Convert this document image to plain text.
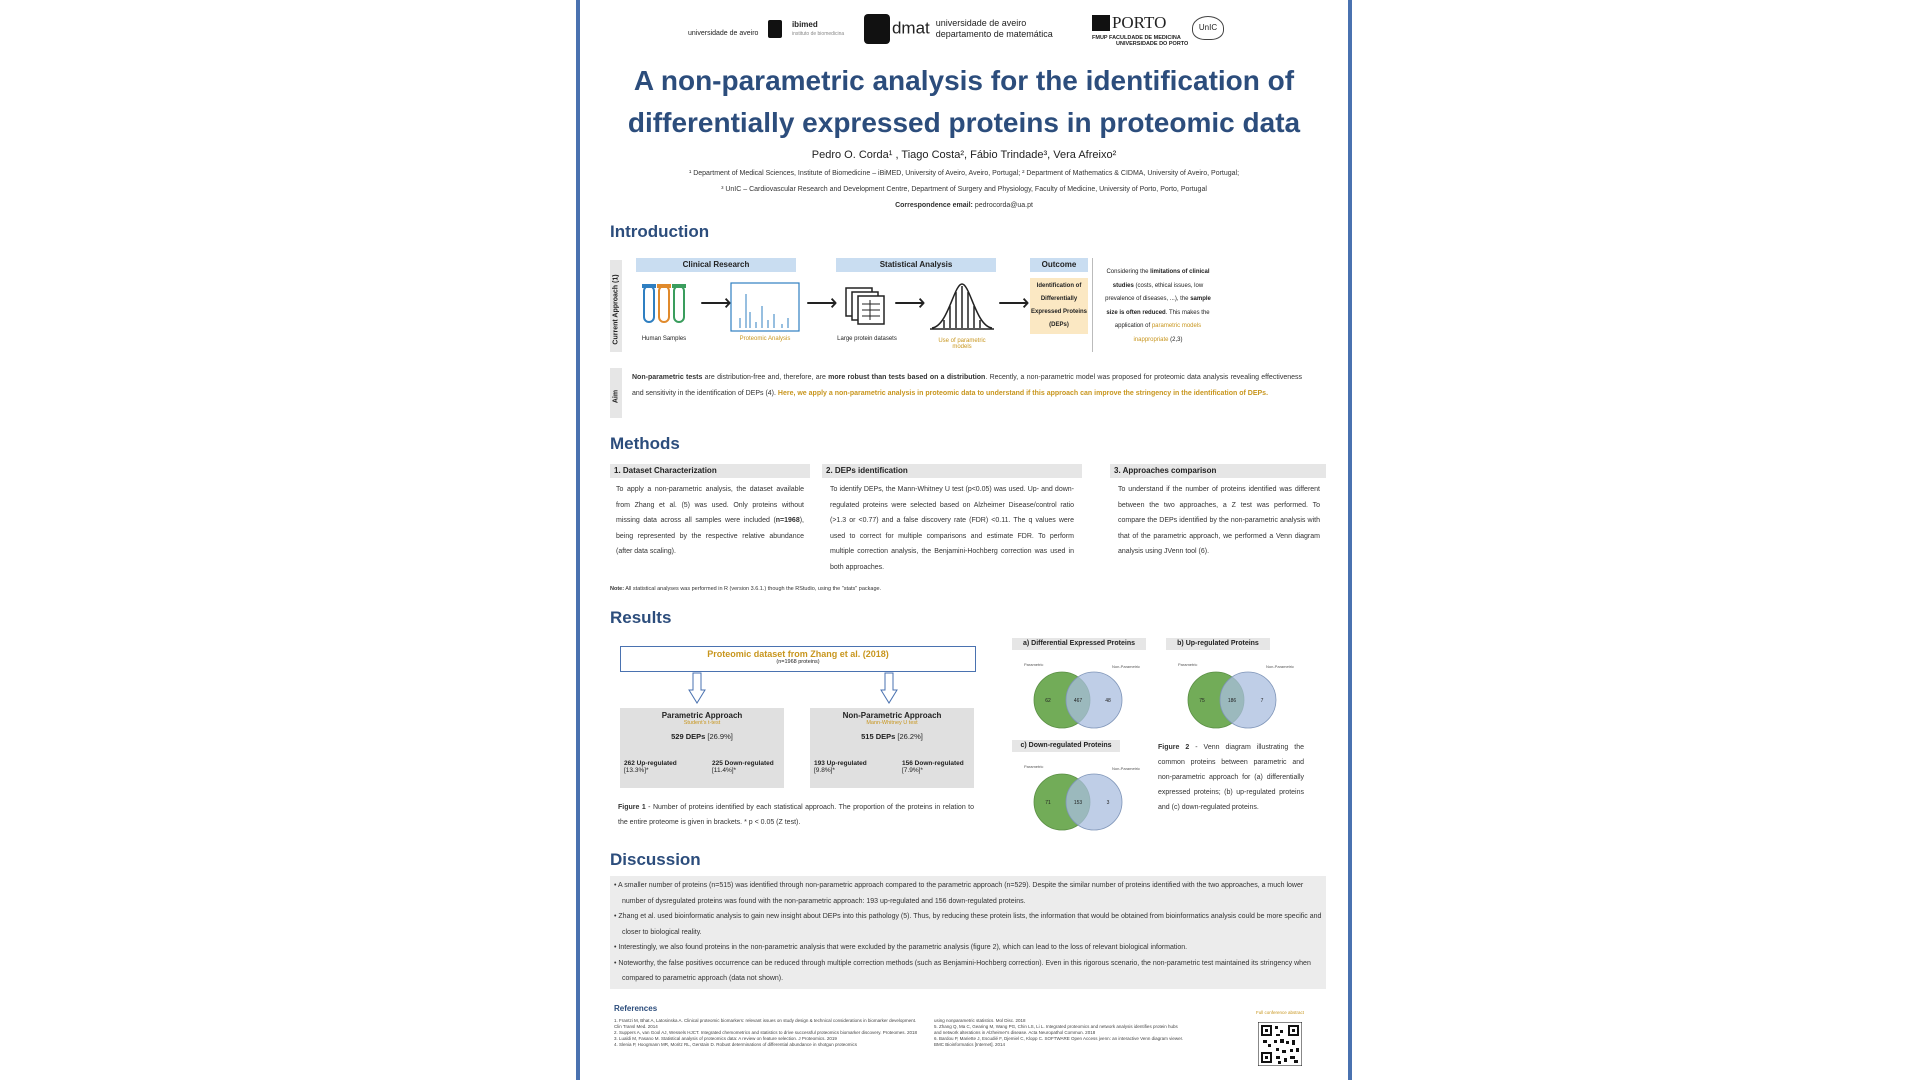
universidade de aveiro
ibimed
instituto de biomedicina	dmat universidade de aveiro
departamento de matemática
PORTO
FMUP FACULDADE DE MEDICINA
UNIVERSIDADE DO PORTO
UnIC
A non-parametric analysis for the identification of
differentially expressed proteins in proteomic data
Pedro O. Corda¹ , Tiago Costa², Fábio Trindade³, Vera Afreixo²
¹ Department of Medical Sciences, Institute of Biomedicine – iBiMED, University of Aveiro, Aveiro, Portugal; ² Department of Mathematics & CIDMA, University of Aveiro, Portugal;
³ UnIC – Cardiovascular Research and Development Centre, Department of Surgery and Physiology, Faculty of Medicine, University of Porto, Porto, Portugal
Correspondence email: pedrocorda@ua.pt
Introduction
Current Approach (1)
Clinical Research	Statistical Analysis	Outcome
Human Samples
⟶
Proteomic Analysis
⟶
Large protein datasets
⟶
Use of parametric models
⟶
Identification of Differentially Expressed Proteins (DEPs)
Considering the limitations of clinical studies (costs, ethical issues, low prevalence of diseases, ...), the sample size is often reduced. This makes the application of parametric models inappropriate (2,3)
Aim
Non-parametric tests are distribution-free and, therefore, are more robust than tests based on a distribution. Recently, a non-parametric model was proposed for proteomic data analysis revealing effectiveness and sensitivity in the identification of DEPs (4). Here, we apply a non-parametric analysis in proteomic data to understand if this approach can improve the stringency in the identification of DEPs.
Methods
1. Dataset Characterization
To apply a non-parametric analysis, the dataset available from Zhang et al. (5) was used. Only proteins without missing data across all samples were included (n=1968), being represented by the respective relative abundance (after data scaling).
2. DEPs identification
To identify DEPs, the Mann-Whitney U test (p<0.05) was used. Up- and down-regulated proteins were selected based on Alzheimer Disease/control ratio (>1.3 or <0.77) and a false discovery rate (FDR) <0.11. The q values were used to correct for multiple comparisons and estimate FDR. To perform multiple correction analysis, the Benjamini-Hochberg correction was used in both approaches.
3. Approaches comparison
To understand if the number of proteins identified was different between the two approaches, a Z test was performed. To compare the DEPs identified by the non-parametric analysis with that of the parametric approach, we performed a Venn diagram analysis using JVenn tool (6).
Note: All statistical analyses was performed in R (version 3.6.1.) though the RStudio, using the "stats" package.
Results
Proteomic dataset from Zhang et al. (2018)
(n=1968 proteins)
Parametric Approach
Student's t-test
529 DEPs [26.9%]
262 Up-regulated
[13.3%]*
225 Down-regulated [11.4%]*
Non-Parametric Approach
Mann-Whitney U test
515 DEPs [26.2%]
193 Up-regulated
[9.8%]*
156 Down-regulated [7.9%]*
Figure 1 - Number of proteins identified by each statistical approach. The proportion of the proteins in relation to the entire proteome is given in brackets. * p < 0.05 (Z test).
a) Differential Expressed Proteins	b) Up-regulated Proteins
c) Down-regulated Proteins
Parametric	Non-Parametric
62	467	48
Parametric	Non-Parametric
75	186	7
Parametric	Non-Parametric
71	153	3
Figure 2 - Venn diagram illustrating the common proteins between parametric and non-parametric approach for (a) differentially expressed proteins; (b) up-regulated proteins and (c) down-regulated proteins.
Discussion
• A smaller number of proteins (n=515) was identified through non-parametric approach compared to the parametric approach (n=529). Despite the similar number of proteins identified with the two approaches, a much lower number of dysregulated proteins was found with the non-parametric approach: 193 up-regulated and 156 down-regulated proteins.
• Zhang et al. used bioinformatic analysis to gain new insight about DEPs into this pathology (5). Thus, by reducing these protein lists, the information that would be obtained from bioinformatics analysis could be more specific and closer to biological reality.
• Interestingly, we also found proteins in the non-parametric analysis that were excluded by the parametric analysis (figure 2), which can lead to the loss of relevant biological information.
• Noteworthy, the false positives occurrence can be reduced through multiple correction methods (such as Benjamini-Hochberg correction). Even in this rigorous scenario, the non-parametric test maintained its stringency when compared to parametric approach (data not shown).
References
1. Frantzi M, Bhat A, Latosinska A. Clinical proteomic biomarkers: relevant issues on study design & technical considerations in biomarker development. Clin Transl Med. 2014
2. Suppers A, van Gool AJ, Wessels HJCT. Integrated chemometrics and statistics to drive successful proteomics biomarker discovery. Proteomes. 2018
3. Lualdi M, Fasano M. Statistical analysis of proteomics data: A review on feature selection. J Proteomics. 2019
4. Slenia P, Hoogmann MR, Moritz RL, Gerstain D. Robust determinations of differential abundance in shotgun proteomics
using nonparametric statistics. Mol Disc. 2018
5. Zhang Q, Ma C, Gearing M, Wang PG, Chin LS, Li L. Integrated proteomics and network analysis identifies protein hubs and network alterations in Alzheimer's disease. Acta Neuropathol Commun. 2018
6. Bardou P, Mariette J, Escudié F, Djemiel C, Klopp C. SOFTWARE Open Access jvenn: an interactive Venn diagram viewer. BMC Bioinformatics [Internet]. 2014
Full conference abstract
